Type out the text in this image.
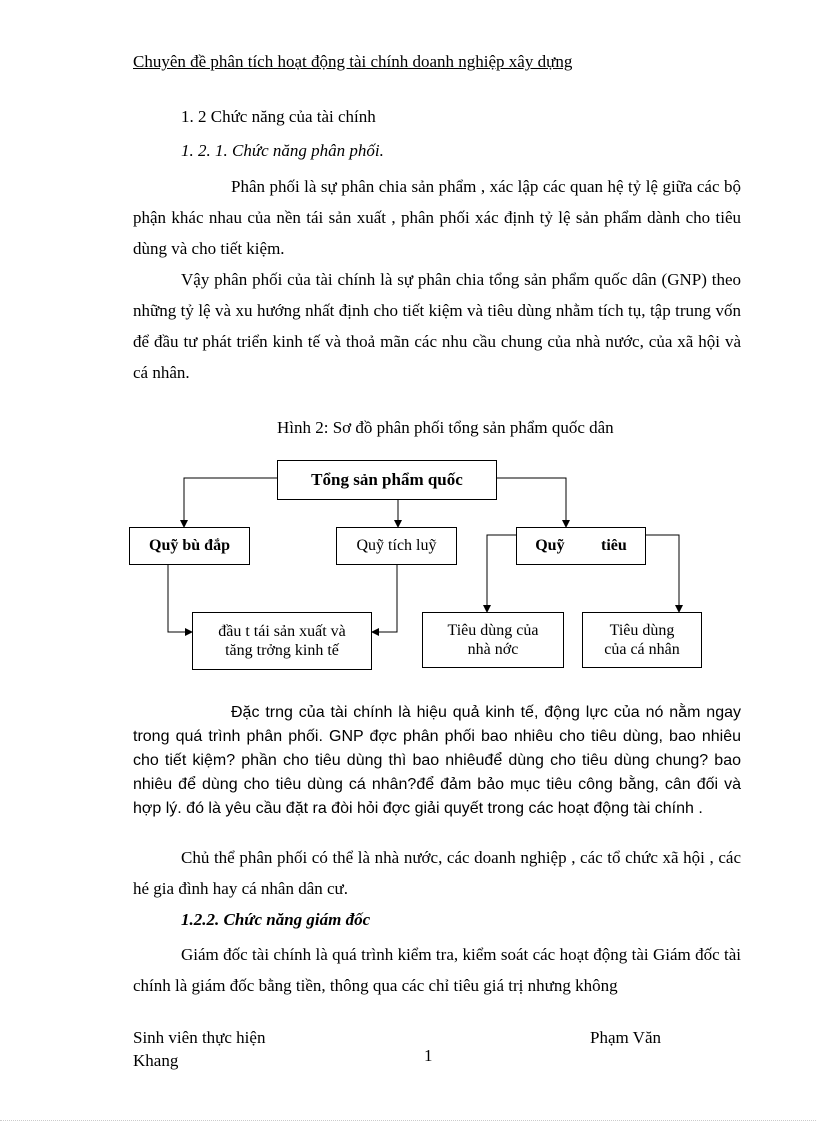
Chuyên đề phân tích hoạt động tài chính doanh nghiệp xây dựng
1. 2 Chức năng của tài chính
1. 2. 1. Chức năng phân phối.

Phân phối là sự phân chia sản phẩm , xác lập các quan hệ tỷ lệ giữa các bộ phận khác nhau của nền tái sản xuất , phân phối xác định tỷ lệ sản phẩm dành cho tiêu dùng và cho tiết kiệm.

Vậy phân phối của tài chính là sự phân chia tổng sản phẩm quốc dân (GNP) theo những tỷ lệ và xu hướng nhất định cho tiết kiệm và tiêu dùng nhằm tích tụ, tập trung vốn để đầu tư phát triển kinh tế và thoả mãn các nhu cầu chung của nhà nước, của xã hội và cá nhân.

Hình 2: Sơ đồ phân phối tổng sản phẩm quốc dân
Tổng sản phẩm quốc
Quỹ bù đắp	Quỹ tích luỹ	Quỹ tiêu
đầu t tái sản xuất và
tăng trởng kinh tế
Tiêu dùng của
nhà nớc
Tiêu dùng
của cá nhân

Đặc trng của tài chính là hiệu quả kinh tế, động lực của nó nằm ngay trong quá trình phân phối. GNP đợc phân phối bao nhiêu cho tiêu dùng, bao nhiêu cho tiết kiệm? phần cho tiêu dùng thì bao nhiêuđể dùng cho tiêu dùng chung? bao nhiêu để dùng cho tiêu dùng cá nhân?để đảm bảo mục tiêu công bằng, cân đối và hợp lý. đó là yêu cầu đặt ra đòi hỏi đợc giải quyết trong các hoạt động tài chính .

Chủ thể phân phối có thể là nhà nước, các doanh nghiệp , các tổ chức xã hội , các hé gia đình hay cá nhân dân cư.

1.2.2. Chức năng giám đốc

Giám đốc tài chính là quá trình kiểm tra, kiểm soát các hoạt động tài Giám đốc tài chính là giám đốc bằng tiền, thông qua các chỉ tiêu giá trị nhưng không

Sinh viên thực hiện
Khang	1
Phạm Văn
